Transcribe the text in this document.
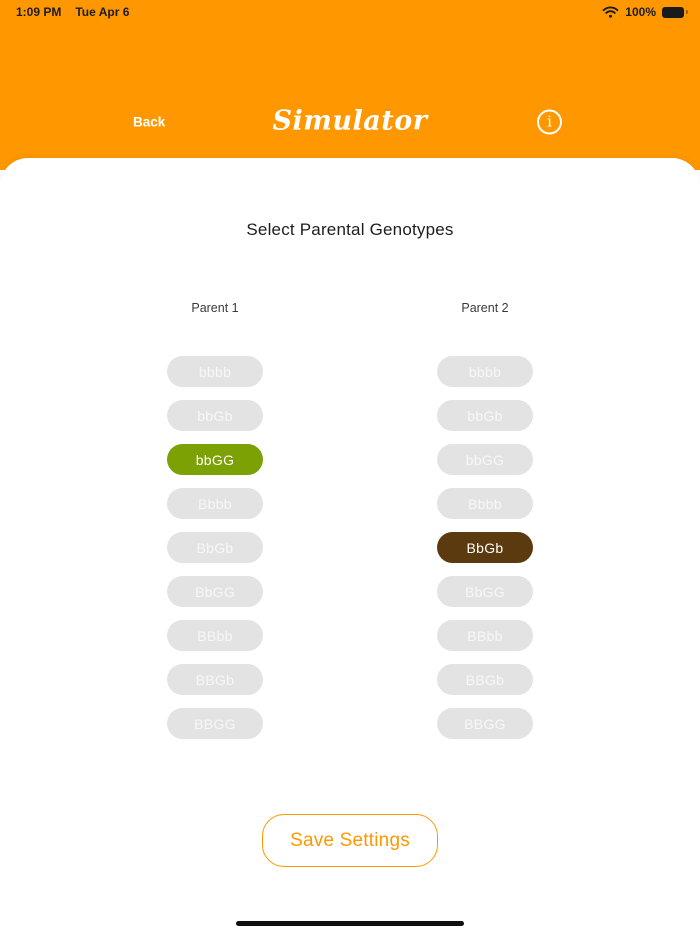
1:09 PM Tue Apr 6	100%
Back	Simulator	i
Select Parental Genotypes
Parent 1
bbbb
bbGb
bbGG
Bbbb
BbGb
BbGG
BBbb
BBGb
BBGG
Parent 2
bbbb
bbGb
bbGG
Bbbb
BbGb
BbGG
BBbb
BBGb
BBGG
Save Settings
